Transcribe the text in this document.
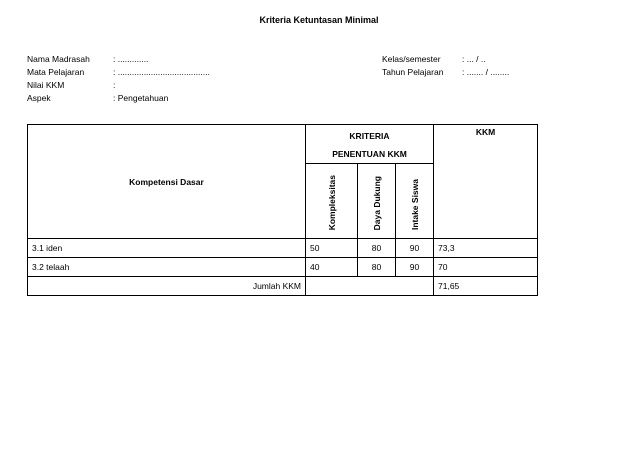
Kriteria Ketuntasan Minimal
Nama Madrasah	: .............
Mata Pelajaran	: .......................................
Nilai KKM	:
Aspek	: Pengetahuan
Kelas/semester	: ... / ..
Tahun Pelajaran : ....... / ........
Kompetensi Dasar	KRITERIA
PENENTUAN KKM			KKM
	Kompleksitas	Daya Dukung	Intake Siswa	
3.1 iden	50	80	90	73,3
3.2 telaah	40	80	90	70
Jumlah KKM				71,65
